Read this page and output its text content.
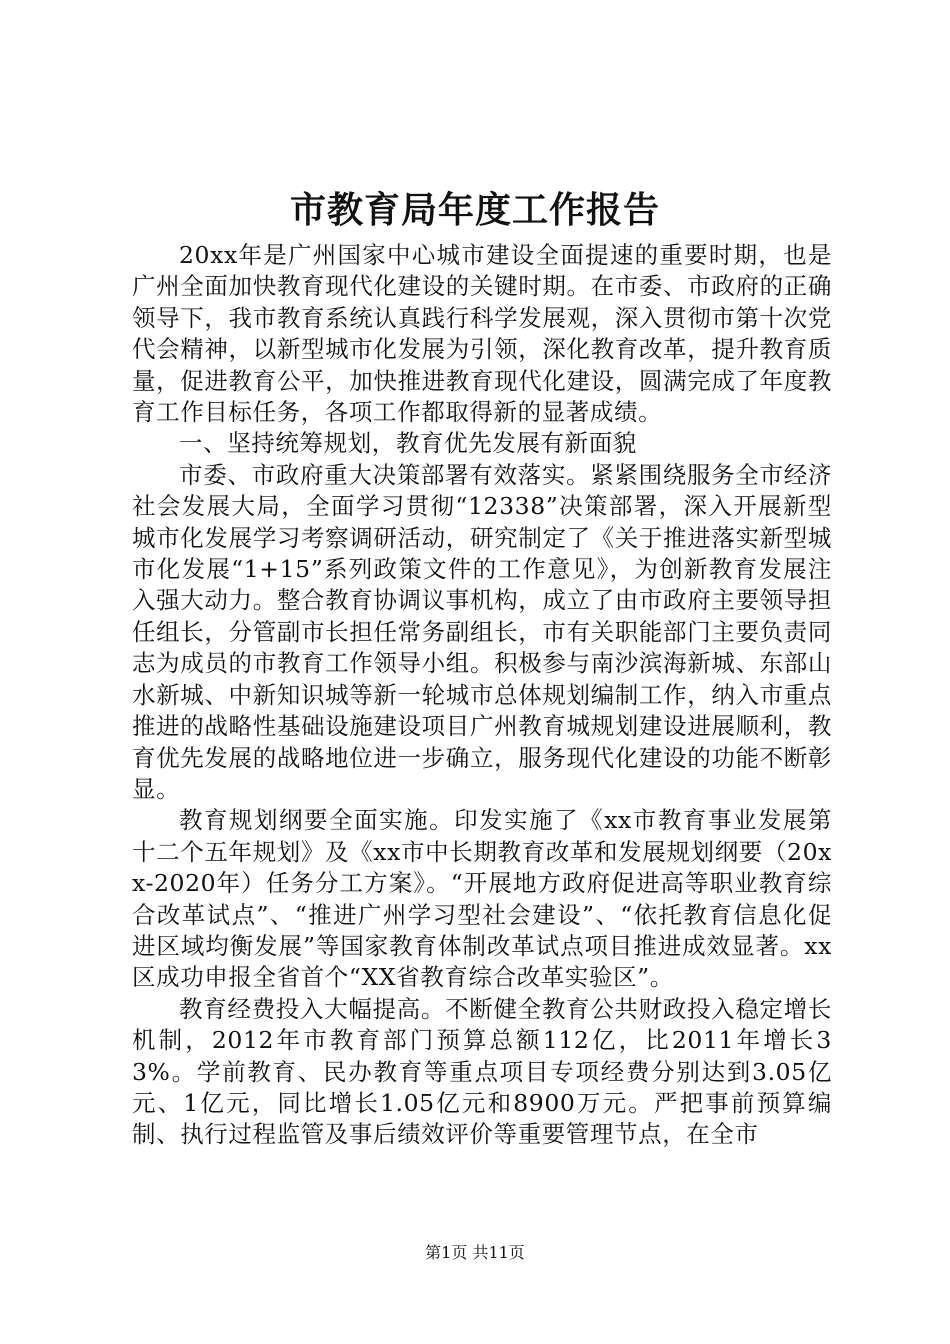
市教育局年度工作报告

20xx年是广州国家中心城市建设全面提速的重要时期，也是广州全面加快教育现代化建设的关键时期。在市委、市政府的正确领导下，我市教育系统认真践行科学发展观，深入贯彻市第十次党代会精神，以新型城市化发展为引领，深化教育改革，提升教育质量，促进教育公平，加快推进教育现代化建设，圆满完成了年度教育工作目标任务，各项工作都取得新的显著成绩。

一、坚持统筹规划，教育优先发展有新面貌

市委、市政府重大决策部署有效落实。紧紧围绕服务全市经济社会发展大局，全面学习贯彻“12338”决策部署，深入开展新型城市化发展学习考察调研活动，研究制定了《关于推进落实新型城市化发展“1+15”系列政策文件的工作意见》，为创新教育发展注入强大动力。整合教育协调议事机构，成立了由市政府主要领导担任组长，分管副市长担任常务副组长，市有关职能部门主要负责同志为成员的市教育工作领导小组。积极参与南沙滨海新城、东部山水新城、中新知识城等新一轮城市总体规划编制工作，纳入市重点推进的战略性基础设施建设项目广州教育城规划建设进展顺利，教育优先发展的战略地位进一步确立，服务现代化建设的功能不断彰显。

教育规划纲要全面实施。印发实施了《xx市教育事业发展第十二个五年规划》及《xx市中长期教育改革和发展规划纲要（20xx-2020年）任务分工方案》。“开展地方政府促进高等职业教育综合改革试点”、“推进广州学习型社会建设”、“依托教育信息化促进区域均衡发展”等国家教育体制改革试点项目推进成效显著。xx区成功申报全省首个“XX省教育综合改革实验区”。

教育经费投入大幅提高。不断健全教育公共财政投入稳定增长机制，2012年市教育部门预算总额112亿，比2011年增长33%。学前教育、民办教育等重点项目专项经费分别达到3.05亿元、1亿元，同比增长1.05亿元和8900万元。严把事前预算编制、执行过程监管及事后绩效评价等重要管理节点，在全市

第1页 共11页
